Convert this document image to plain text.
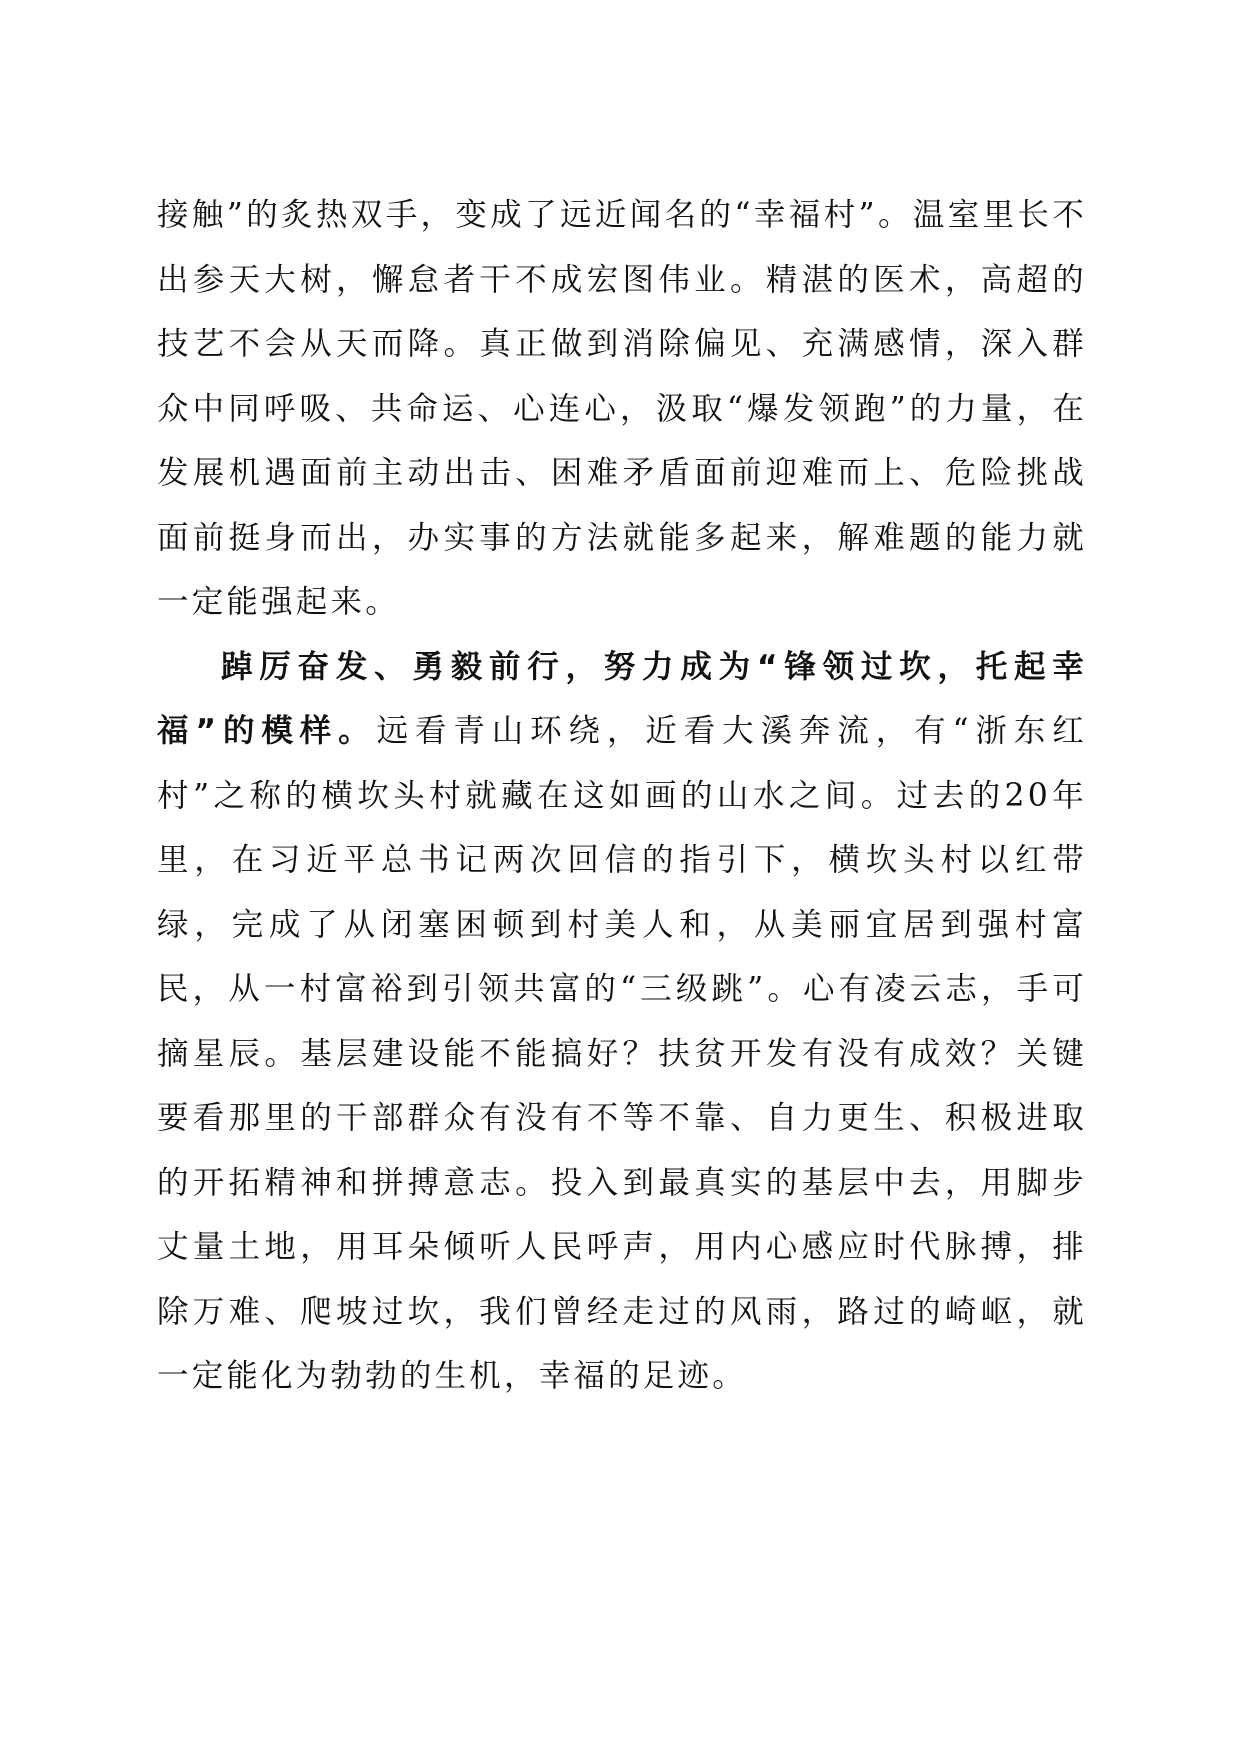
接触”的炙热双手，变成了远近闻名的“幸福村”。温室里长不出参天大树，懈怠者干不成宏图伟业。精湛的医术，高超的技艺不会从天而降。真正做到消除偏见、充满感情，深入群众中同呼吸、共命运、心连心，汲取“爆发领跑”的力量，在发展机遇面前主动出击、困难矛盾面前迎难而上、危险挑战面前挺身而出，办实事的方法就能多起来，解难题的能力就一定能强起来。

踔厉奋发、勇毅前行，努力成为“锋领过坎，托起幸福”的模样。远看青山环绕，近看大溪奔流，有“浙东红村”之称的横坎头村就藏在这如画的山水之间。过去的20年里，在习近平总书记两次回信的指引下，横坎头村以红带绿，完成了从闭塞困顿到村美人和，从美丽宜居到强村富民，从一村富裕到引领共富的“三级跳”。心有凌云志，手可摘星辰。基层建设能不能搞好？扶贫开发有没有成效？关键要看那里的干部群众有没有不等不靠、自力更生、积极进取的开拓精神和拼搏意志。投入到最真实的基层中去，用脚步丈量土地，用耳朵倾听人民呼声，用内心感应时代脉搏，排除万难、爬坡过坎，我们曾经走过的风雨，路过的崎岖，就一定能化为勃勃的生机，幸福的足迹。
